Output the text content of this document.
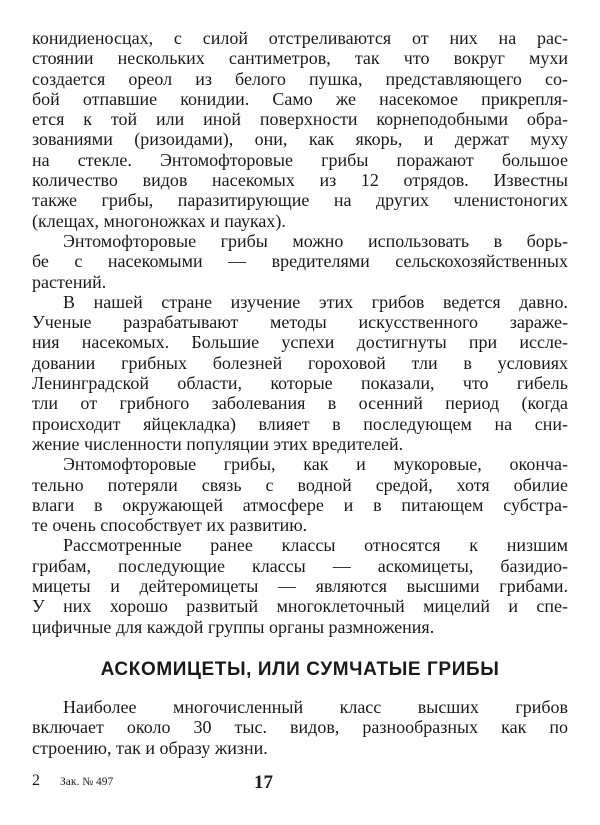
конидиеносцах, с силой отстреливаются от них на рас-
стоянии нескольких сантиметров, так что вокруг мухи
создается ореол из белого пушка, представляющего со-
бой отпавшие конидии. Само же насекомое прикрепля-
ется к той или иной поверхности корнеподобными обра-
зованиями (ризоидами), они, как якорь, и держат муху
на стекле. Энтомофторовые грибы поражают большое
количество видов насекомых из 12 отрядов. Известны
также грибы, паразитирующие на других членистоногих
(клещах, многоножках и пауках).
Энтомофторовые грибы можно использовать в борь-
бе с насекомыми — вредителями сельскохозяйственных
растений.
В нашей стране изучение этих грибов ведется давно.
Ученые разрабатывают методы искусственного зараже-
ния насекомых. Большие успехи достигнуты при иссле-
довании грибных болезней гороховой тли в условиях
Ленинградской области, которые показали, что гибель
тли от грибного заболевания в осенний период (когда
происходит яйцекладка) влияет в последующем на сни-
жение численности популяции этих вредителей.
Энтомофторовые грибы, как и мукоровые, оконча-
тельно потеряли связь с водной средой, хотя обилие
влаги в окружающей атмосфере и в питающем субстра-
те очень способствует их развитию.
Рассмотренные ранее классы относятся к низшим
грибам, последующие классы — аскомицеты, базидио-
мицеты и дейтеромицеты — являются высшими грибами.
У них хорошо развитый многоклеточный мицелий и спе-
цифичные для каждой группы органы размножения.
АСКОМИЦЕТЫ, ИЛИ СУМЧАТЫЕ ГРИБЫ
Наиболее многочисленный класс высших грибов
включает около 30 тыс. видов, разнообразных как по
строению, так и образу жизни.
2 Зак. № 497	17
